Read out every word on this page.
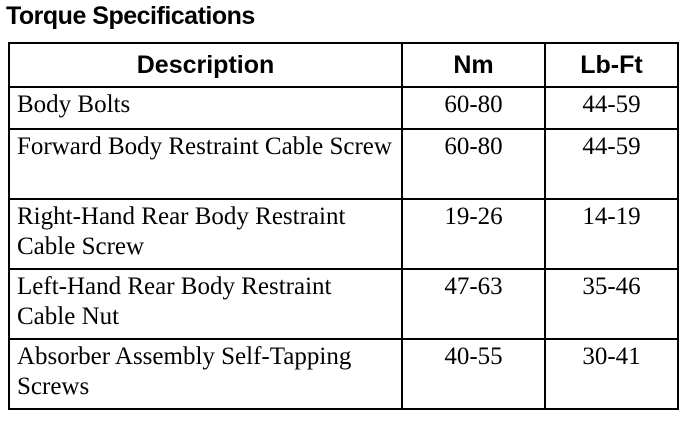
Torque Specifications
Description	Nm	Lb-Ft
Body Bolts	60-80	44-59
Forward Body Restraint Cable Screw	60-80	44-59
Right-Hand Rear Body Restraint Cable Screw	19-26	14-19
Left-Hand Rear Body Restraint Cable Nut	47-63	35-46
Absorber Assembly Self-Tapping Screws	40-55	30-41
